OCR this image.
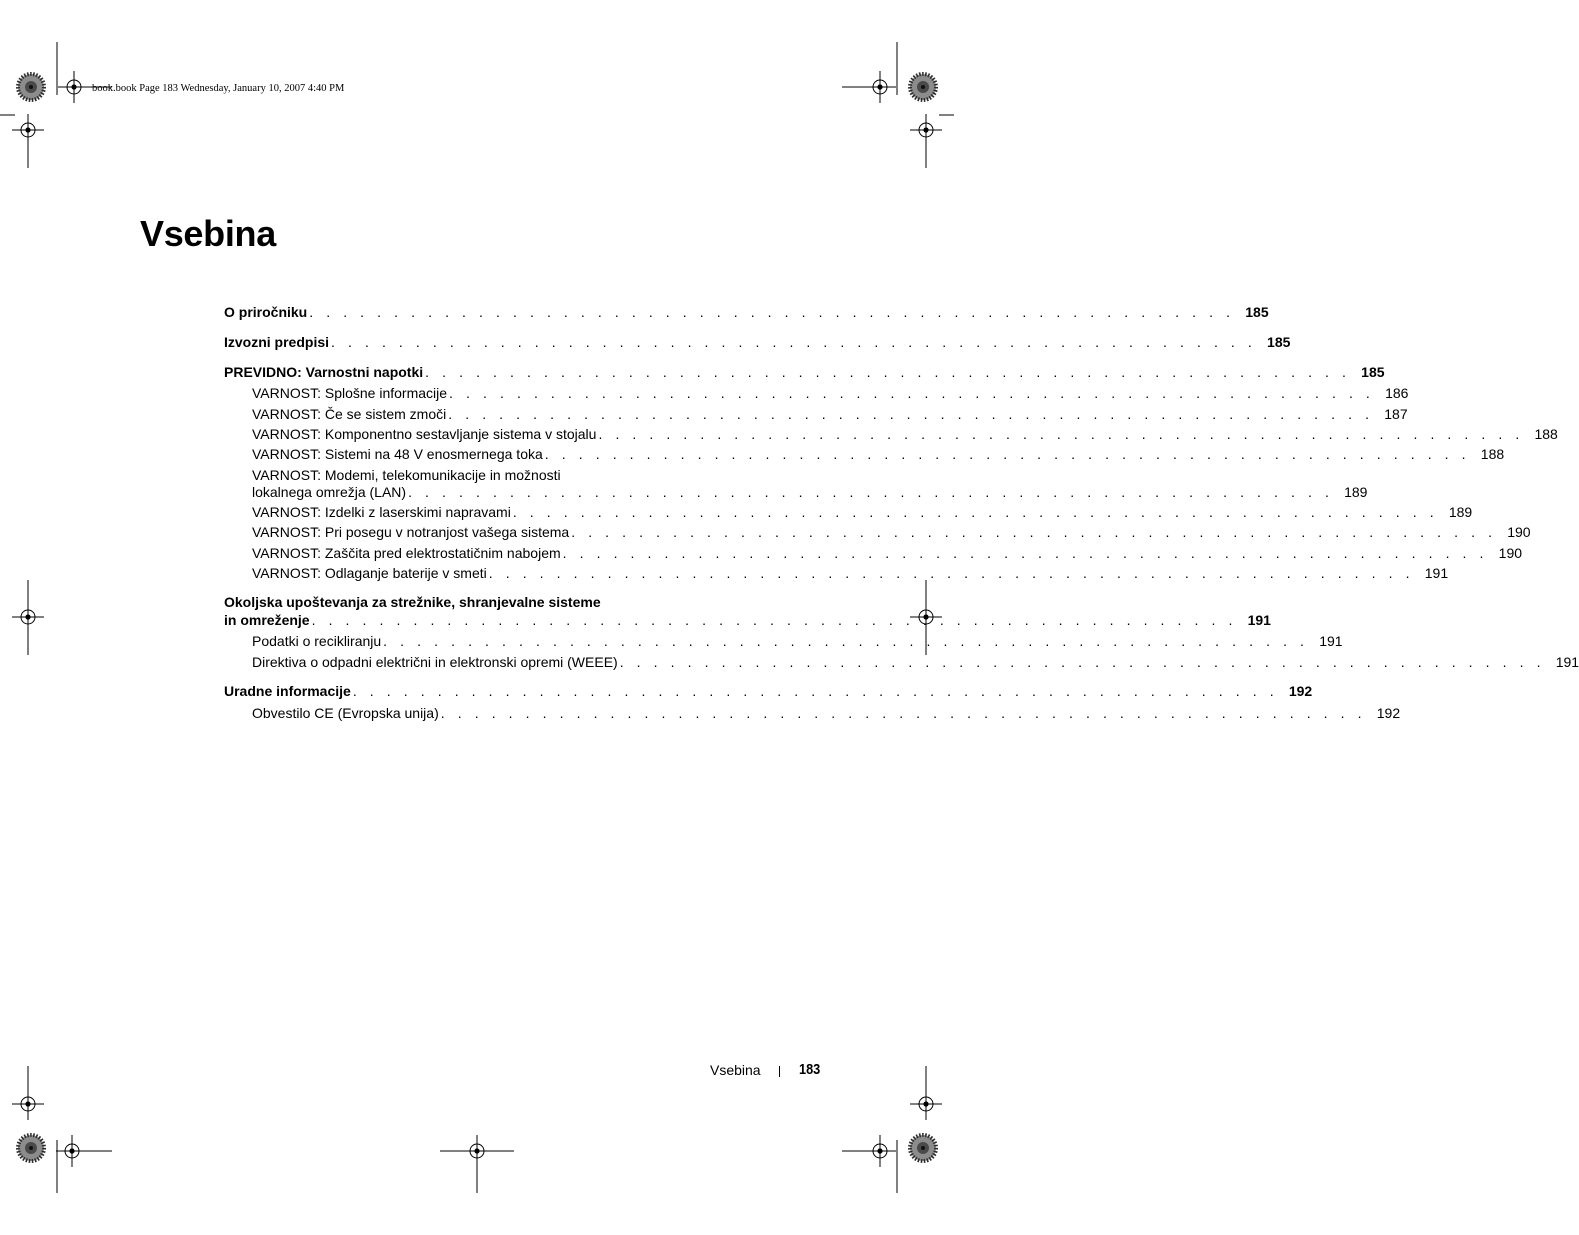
book.book Page 183 Wednesday, January 10, 2007 4:40 PM
Vsebina
O priročniku . . . . . . . . . . . . . . . . . . . . . . . . . . . . . . . . . . . . . . . . . . . . . . . . . . . . . . . 185
Izvozni predpisi . . . . . . . . . . . . . . . . . . . . . . . . . . . . . . . . . . . . . . . . . . . . . . . . . . . . . . . 185
PREVIDNO: Varnostni napotki . . . . . . . . . . . . . . . . . . . . . . . . . . . . . . . . . . . . . . . . . . . . . . . . . . . . . . . 185
VARNOST: Splošne informacije . . . . . . . . . . . . . . . . . . . . . . . . . . . . . . . . . . . . . . . . . . . . . . . . . . . . . . . 186
VARNOST: Če se sistem zmoči . . . . . . . . . . . . . . . . . . . . . . . . . . . . . . . . . . . . . . . . . . . . . . . . . . . . . . . 187
VARNOST: Komponentno sestavljanje sistema v stojalu . . . . . . . . . . . . . . . . . . . . . . . . . . . . . . . . . . . . . . . . . . . . . . . . . . . . . . . 188
VARNOST: Sistemi na 48 V enosmernega toka . . . . . . . . . . . . . . . . . . . . . . . . . . . . . . . . . . . . . . . . . . . . . . . . . . . . . . . 188
VARNOST: Modemi, telekomunikacije in možnosti
lokalnega omrežja (LAN) . . . . . . . . . . . . . . . . . . . . . . . . . . . . . . . . . . . . . . . . . . . . . . . . . . . . . . . 189
VARNOST: Izdelki z laserskimi napravami . . . . . . . . . . . . . . . . . . . . . . . . . . . . . . . . . . . . . . . . . . . . . . . . . . . . . . . 189
VARNOST: Pri posegu v notranjost vašega sistema . . . . . . . . . . . . . . . . . . . . . . . . . . . . . . . . . . . . . . . . . . . . . . . . . . . . . . . 190
VARNOST: Zaščita pred elektrostatičnim nabojem . . . . . . . . . . . . . . . . . . . . . . . . . . . . . . . . . . . . . . . . . . . . . . . . . . . . . . . 190
VARNOST: Odlaganje baterije v smeti . . . . . . . . . . . . . . . . . . . . . . . . . . . . . . . . . . . . . . . . . . . . . . . . . . . . . . . 191
Okoljska upoštevanja za strežnike, shranjevalne sisteme
in omreženje . . . . . . . . . . . . . . . . . . . . . . . . . . . . . . . . . . . . . . . . . . . . . . . . . . . . . . . 191
Podatki o recikliranju . . . . . . . . . . . . . . . . . . . . . . . . . . . . . . . . . . . . . . . . . . . . . . . . . . . . . . . 191
Direktiva o odpadni električni in elektronski opremi (WEEE) . . . . . . . . . . . . . . . . . . . . . . . . . . . . . . . . . . . . . . . . . . . . . . . . . . . . . . . 191
Uradne informacije . . . . . . . . . . . . . . . . . . . . . . . . . . . . . . . . . . . . . . . . . . . . . . . . . . . . . . . 192
Obvestilo CE (Evropska unija) . . . . . . . . . . . . . . . . . . . . . . . . . . . . . . . . . . . . . . . . . . . . . . . . . . . . . . . 192
Vsebina	183
